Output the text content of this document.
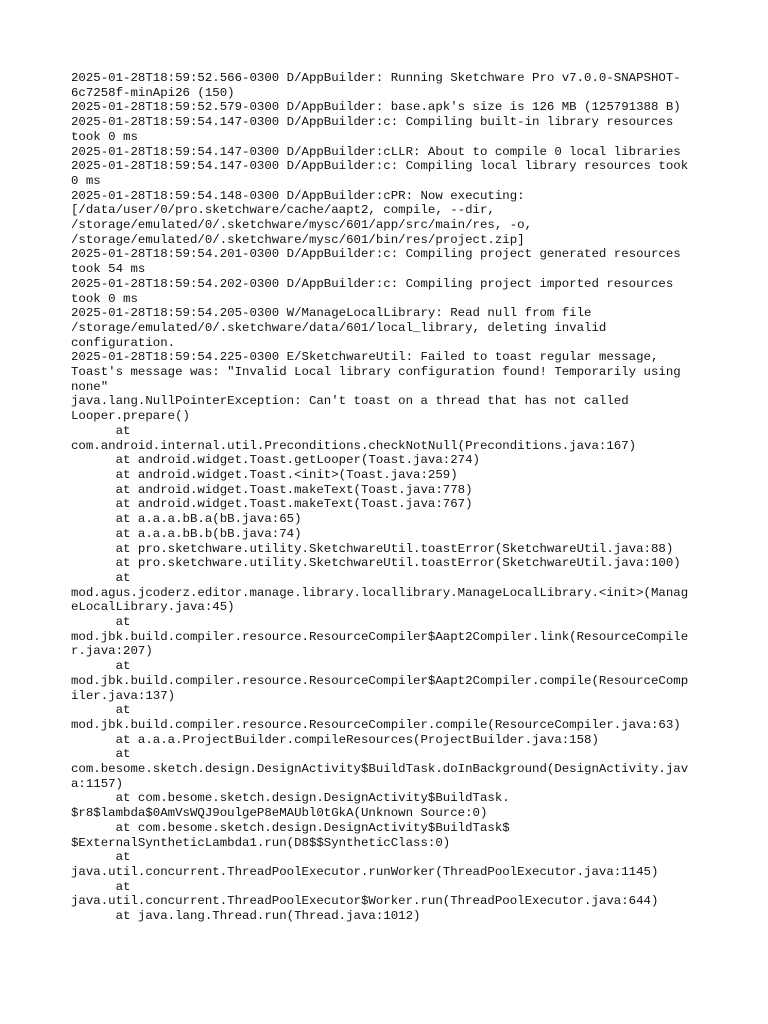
2025-01-28T18:59:52.566-0300 D/AppBuilder: Running Sketchware Pro v7.0.0-SNAPSHOT-
6c7258f-minApi26 (150)
2025-01-28T18:59:52.579-0300 D/AppBuilder: base.apk's size is 126 MB (125791388 B)
2025-01-28T18:59:54.147-0300 D/AppBuilder:c: Compiling built-in library resources
took 0 ms
2025-01-28T18:59:54.147-0300 D/AppBuilder:cLLR: About to compile 0 local libraries
2025-01-28T18:59:54.147-0300 D/AppBuilder:c: Compiling local library resources took
0 ms
2025-01-28T18:59:54.148-0300 D/AppBuilder:cPR: Now executing:
[/data/user/0/pro.sketchware/cache/aapt2, compile, --dir,
/storage/emulated/0/.sketchware/mysc/601/app/src/main/res, -o,
/storage/emulated/0/.sketchware/mysc/601/bin/res/project.zip]
2025-01-28T18:59:54.201-0300 D/AppBuilder:c: Compiling project generated resources
took 54 ms
2025-01-28T18:59:54.202-0300 D/AppBuilder:c: Compiling project imported resources
took 0 ms
2025-01-28T18:59:54.205-0300 W/ManageLocalLibrary: Read null from file
/storage/emulated/0/.sketchware/data/601/local_library, deleting invalid
configuration.
2025-01-28T18:59:54.225-0300 E/SketchwareUtil: Failed to toast regular message,
Toast's message was: "Invalid Local library configuration found! Temporarily using
none"
java.lang.NullPointerException: Can't toast on a thread that has not called
Looper.prepare()
at
com.android.internal.util.Preconditions.checkNotNull(Preconditions.java:167)
at android.widget.Toast.getLooper(Toast.java:274)
at android.widget.Toast.<init>(Toast.java:259)
at android.widget.Toast.makeText(Toast.java:778)
at android.widget.Toast.makeText(Toast.java:767)
at a.a.a.bB.a(bB.java:65)
at a.a.a.bB.b(bB.java:74)
at pro.sketchware.utility.SketchwareUtil.toastError(SketchwareUtil.java:88)
at pro.sketchware.utility.SketchwareUtil.toastError(SketchwareUtil.java:100)
at
mod.agus.jcoderz.editor.manage.library.locallibrary.ManageLocalLibrary.<init>(Manag
eLocalLibrary.java:45)
at
mod.jbk.build.compiler.resource.ResourceCompiler$Aapt2Compiler.link(ResourceCompile
r.java:207)
at
mod.jbk.build.compiler.resource.ResourceCompiler$Aapt2Compiler.compile(ResourceComp
iler.java:137)
at
mod.jbk.build.compiler.resource.ResourceCompiler.compile(ResourceCompiler.java:63)
at a.a.a.ProjectBuilder.compileResources(ProjectBuilder.java:158)
at
com.besome.sketch.design.DesignActivity$BuildTask.doInBackground(DesignActivity.jav
a:1157)
at com.besome.sketch.design.DesignActivity$BuildTask.
$r8$lambda$0AmVsWQJ9oulgeP8eMAUbl0tGkA(Unknown Source:0)
at com.besome.sketch.design.DesignActivity$BuildTask$
$ExternalSyntheticLambda1.run(D8$$SyntheticClass:0)
at
java.util.concurrent.ThreadPoolExecutor.runWorker(ThreadPoolExecutor.java:1145)
at
java.util.concurrent.ThreadPoolExecutor$Worker.run(ThreadPoolExecutor.java:644)
at java.lang.Thread.run(Thread.java:1012)
